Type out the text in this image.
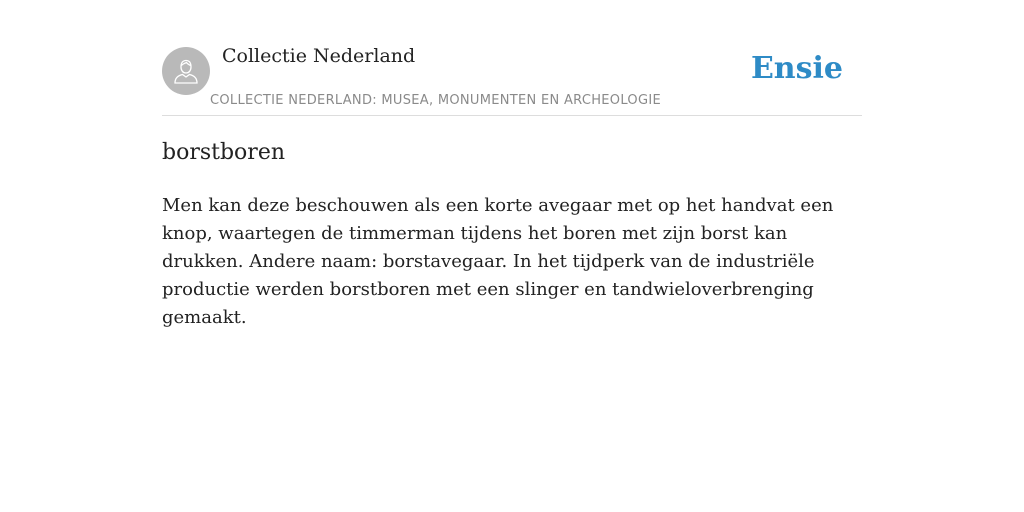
Collectie Nederland
COLLECTIE NEDERLAND: MUSEA, MONUMENTEN EN ARCHEOLOGIE
Ensie
borstboren

Men kan deze beschouwen als een korte avegaar met op het handvat een knop, waartegen de timmerman tijdens het boren met zijn borst kan drukken. Andere naam: borstavegaar. In het tijdperk van de industriële productie werden borstboren met een slinger en tandwieloverbrenging gemaakt.
